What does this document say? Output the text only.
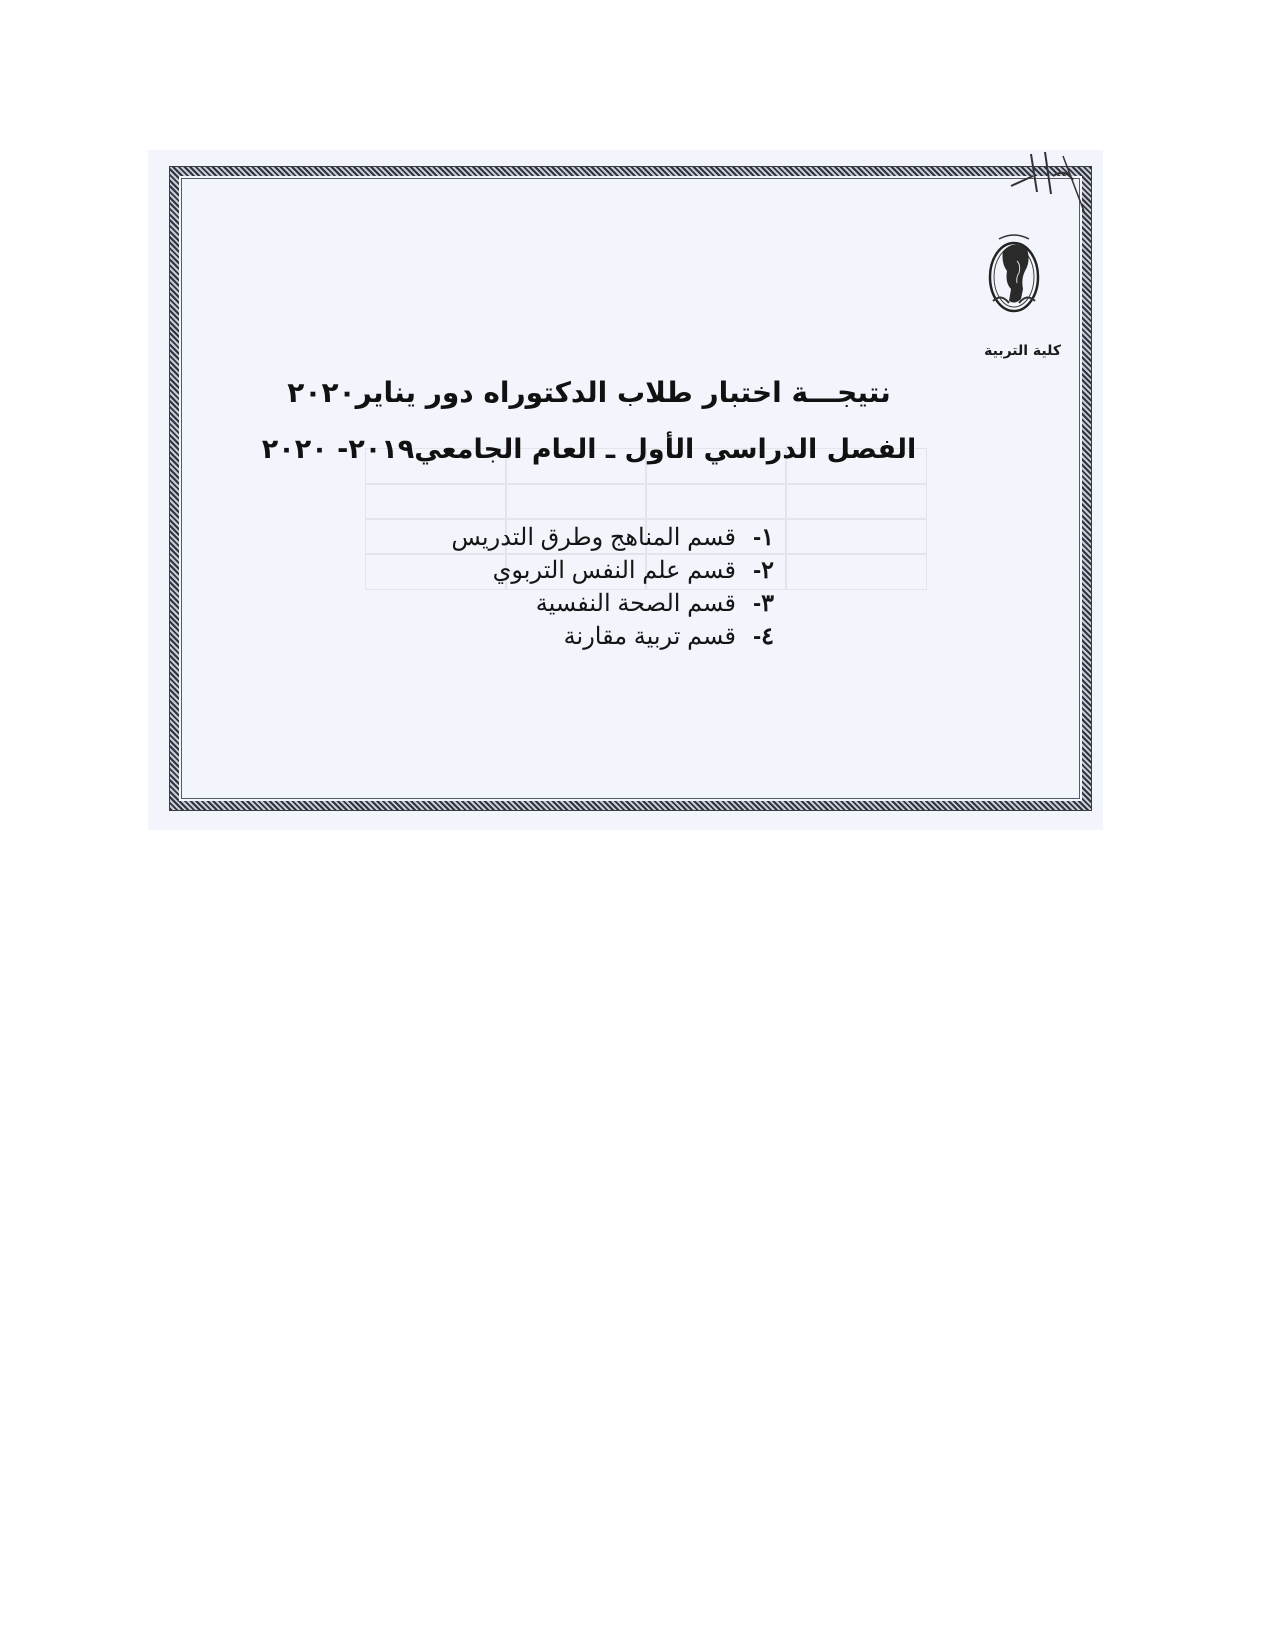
كلية التربية
نتيجـــة اختبار طلاب الدكتوراه دور يناير٢٠٢٠
الفصل الدراسي الأول ـ العام الجامعي٢٠١٩- ٢٠٢٠
١-قسم المناهج وطرق التدريس
٢-قسم علم النفس التربوي
٣-قسم الصحة النفسية
٤-قسم تربية مقارنة
